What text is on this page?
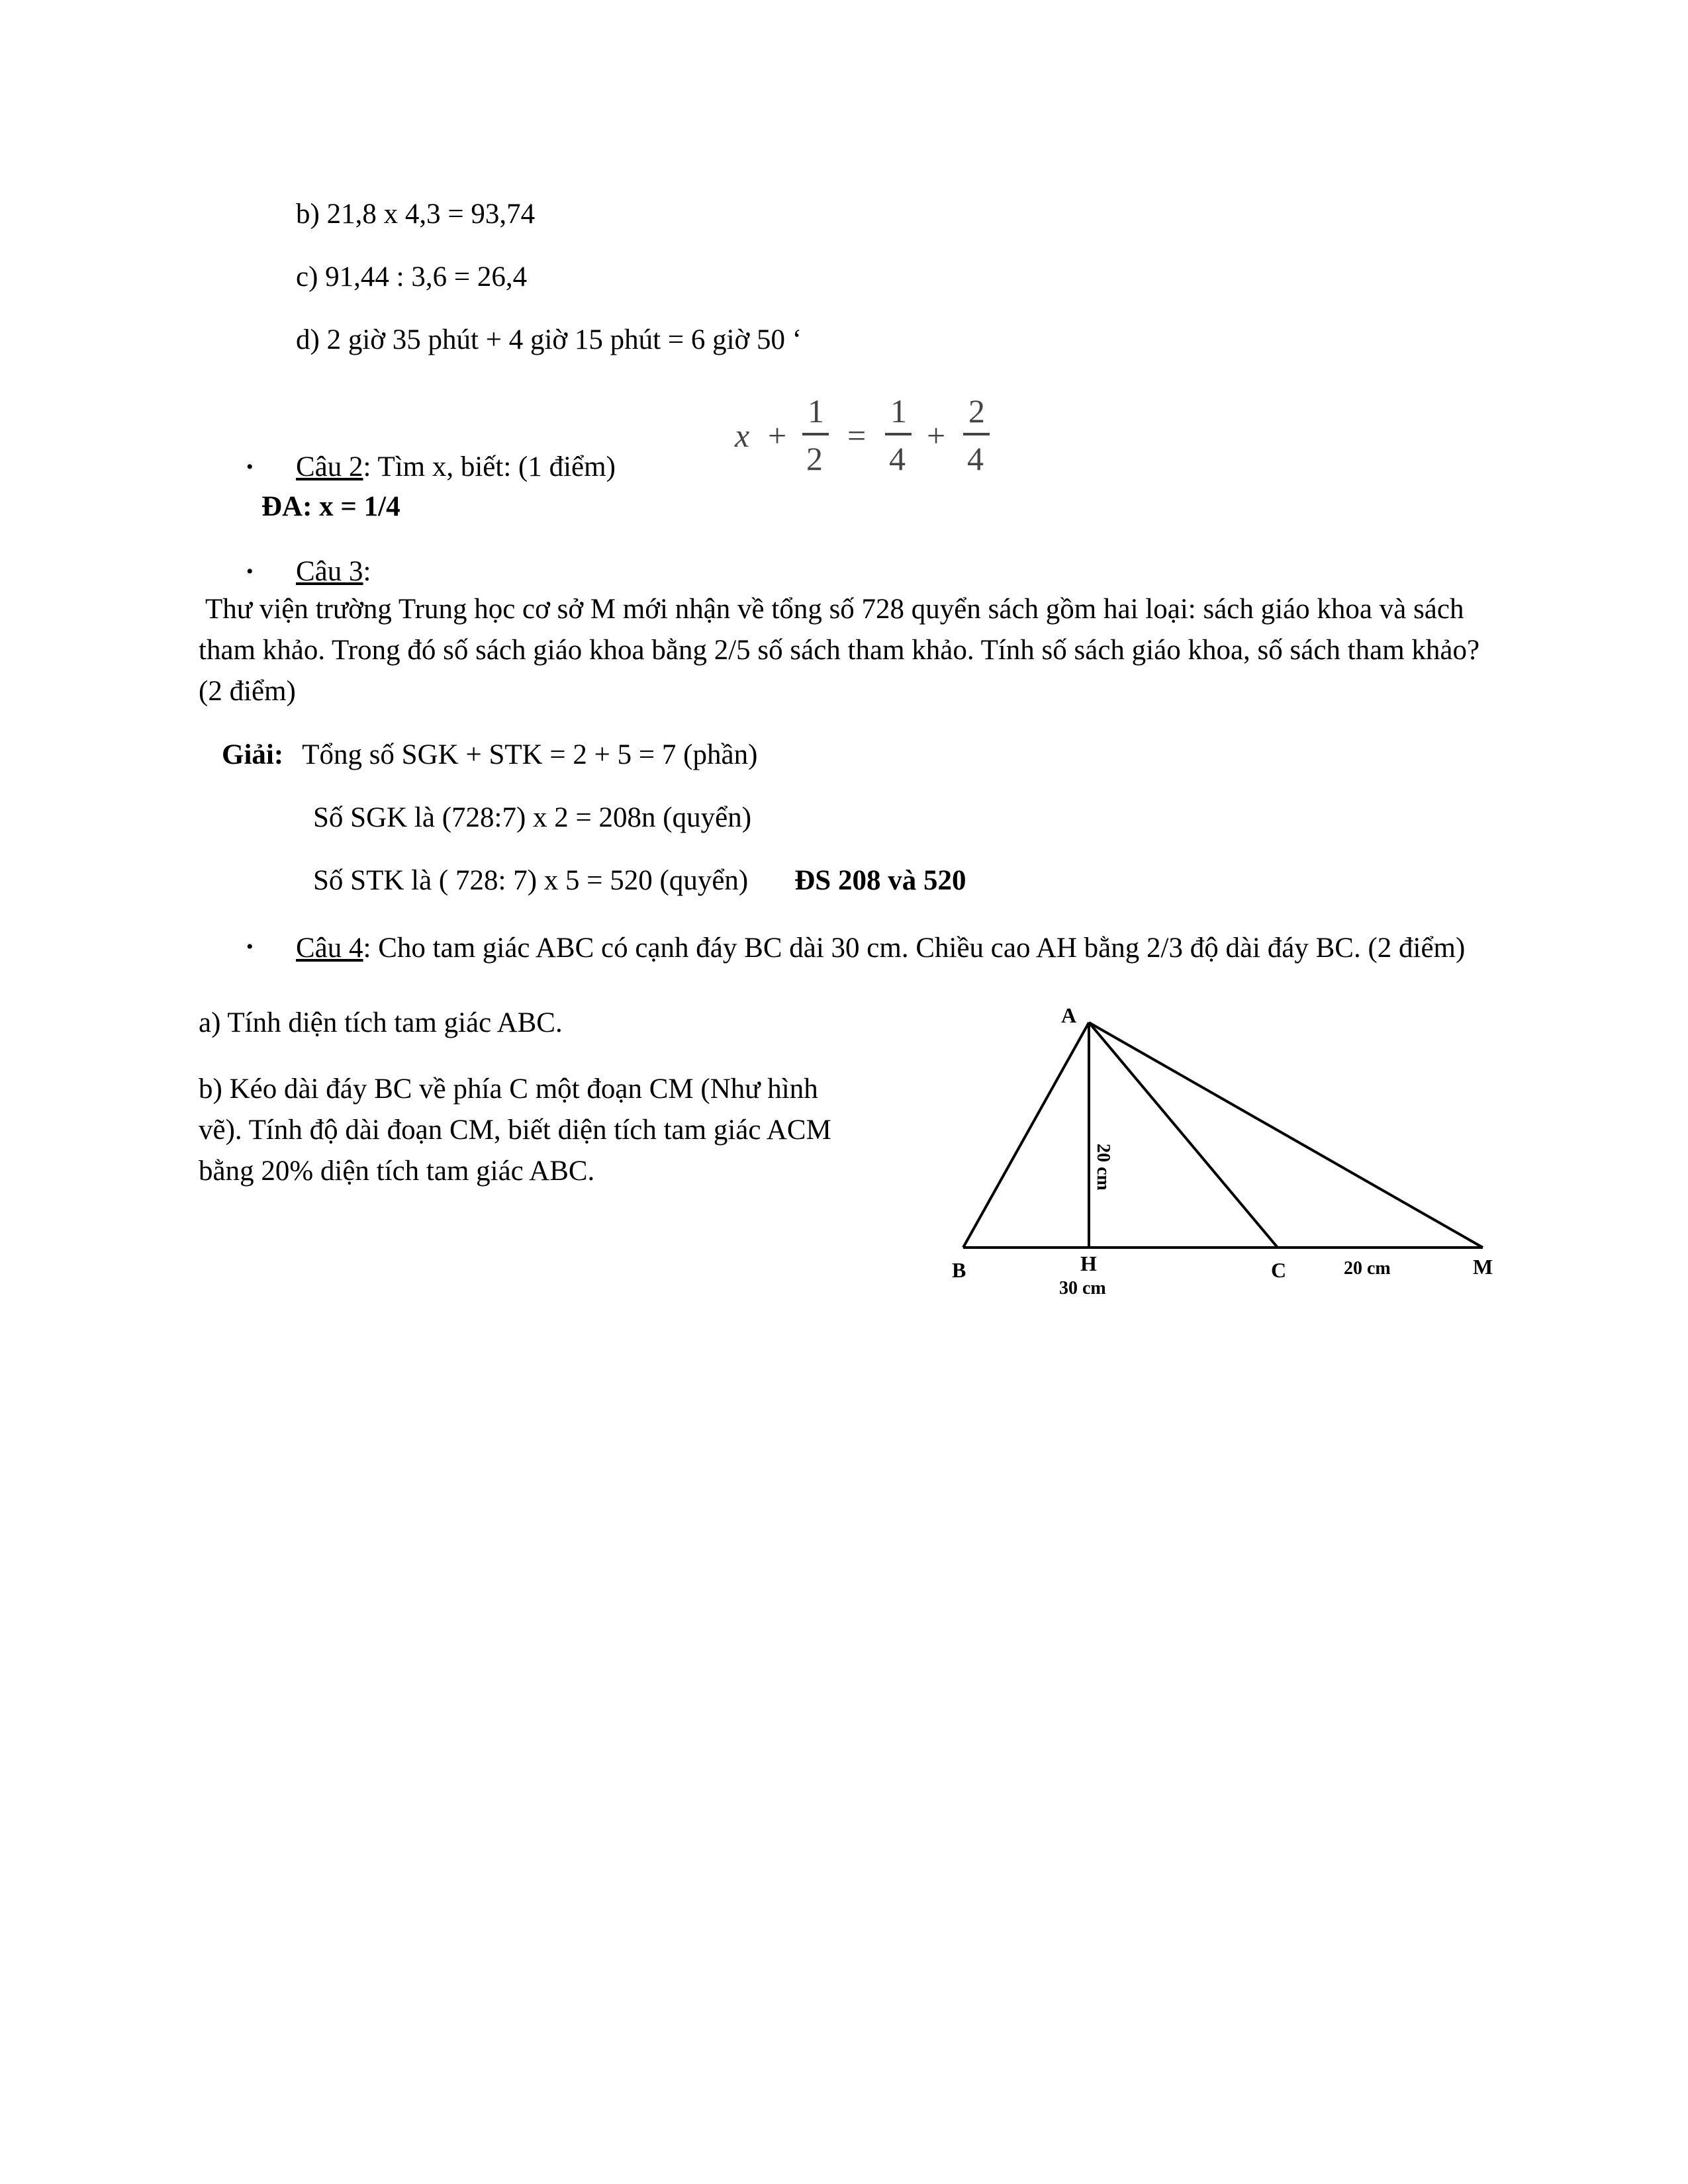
b) 21,8 x 4,3 = 93,74
c) 91,44 : 3,6 = 26,4
d) 2 giờ 35 phút + 4 giờ 15 phút = 6 giờ 50 ‘
• Câu 2: Tìm x, biết: (1 điểm)
x +
1
2
=
1
4
+
2
4
ĐA: x = 1/4
• Câu 3:
Thư viện trường Trung học cơ sở M mới nhận về tổng số 728 quyển sách gồm hai loại: sách giáo khoa và sách tham khảo. Trong đó số sách giáo khoa bằng 2/5 số sách tham khảo. Tính số sách giáo khoa, số sách tham khảo? (2 điểm)
Giải: Tổng số SGK + STK = 2 + 5 = 7 (phần)
Số SGK là (728:7) x 2 = 208n (quyển)
Số STK là ( 728: 7) x 5 = 520 (quyển) ĐS 208 và 520
• Câu 4: Cho tam giác ABC có cạnh đáy BC dài 30 cm. Chiều cao AH bằng 2/3 độ dài đáy BC. (2 điểm)
a) Tính diện tích tam giác ABC.
b) Kéo dài đáy BC về phía C một đoạn CM (Như hình vẽ). Tính độ dài đoạn CM, biết diện tích tam giác ACM bằng 20% diện tích tam giác ABC.
A
B	H	C	M
20 cm
30 cm
20 cm
